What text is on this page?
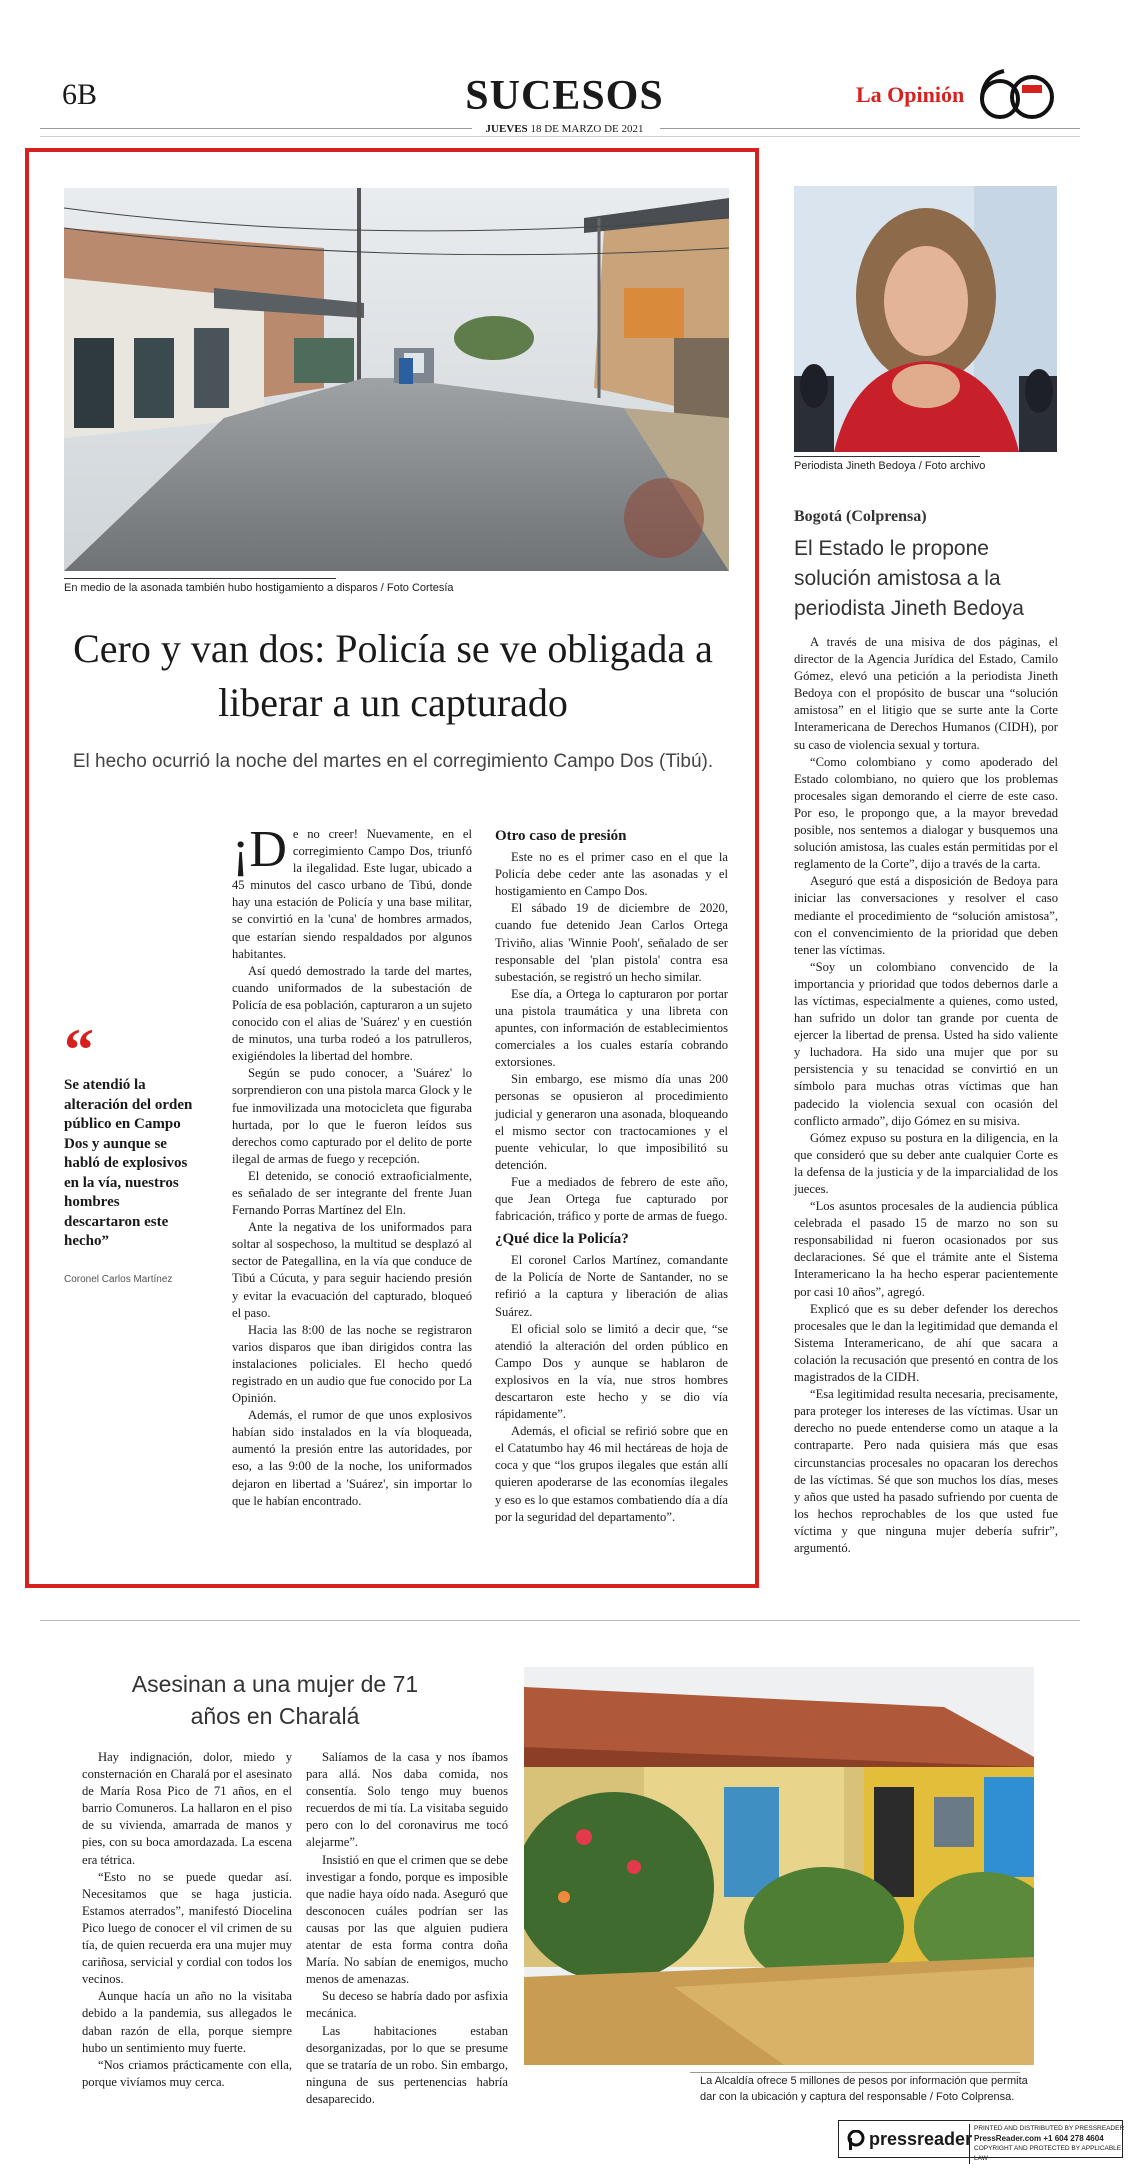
6B	SUCESOS
JUEVES 18 DE MARZO DE 2021
La Opinión
En medio de la asonada también hubo hostigamiento a disparos / Foto Cortesía
Cero y van dos: Policía se ve obligada a liberar a un capturado
El hecho ocurrió la noche del martes en el corregimiento Campo Dos (Tibú).
“
Se atendió la alteración del orden público en Campo Dos y aunque se habló de explosivos en la vía, nuestros hombres descartaron este hecho”
Coronel Carlos Martínez

¡D e no creer! Nuevamente, en el corregimiento Campo Dos, triunfó la ilegalidad. Este lugar, ubicado a 45 minutos del casco urbano de Tibú, donde hay una estación de Policía y una base militar, se convirtió en la 'cuna' de hombres armados, que estarían siendo respaldados por algunos habitantes.

Así quedó demostrado la tarde del martes, cuando uniformados de la subestación de Policía de esa población, capturaron a un sujeto conocido con el alias de 'Suárez' y en cuestión de minutos, una turba rodeó a los patrulleros, exigiéndoles la libertad del hombre.

Según se pudo conocer, a 'Suárez' lo sorprendieron con una pistola marca Glock y le fue inmovilizada una motocicleta que figuraba hurtada, por lo que le fueron leídos sus derechos como capturado por el delito de porte ilegal de armas de fuego y recepción.

El detenido, se conoció extraoficialmente, es señalado de ser integrante del frente Juan Fernando Porras Martínez del Eln.

Ante la negativa de los uniformados para soltar al sospechoso, la multitud se desplazó al sector de Pategallina, en la vía que conduce de Tibú a Cúcuta, y para seguir haciendo presión y evitar la evacuación del capturado, bloqueó el paso.

Hacia las 8:00 de las noche se registraron varios disparos que iban dirigidos contra las instalaciones policiales. El hecho quedó registrado en un audio que fue conocido por La Opinión.

Además, el rumor de que unos explosivos habían sido instalados en la vía bloqueada, aumentó la presión entre las autoridades, por eso, a las 9:00 de la noche, los uniformados dejaron en libertad a 'Suárez', sin importar lo que le habían encontrado.

Otro caso de presión

Este no es el primer caso en el que la Policía debe ceder ante las asonadas y el hostigamiento en Campo Dos.

El sábado 19 de diciembre de 2020, cuando fue detenido Jean Carlos Ortega Triviño, alias 'Winnie Pooh', señalado de ser responsable del 'plan pistola' contra esa subestación, se registró un hecho similar.

Ese día, a Ortega lo capturaron por portar una pistola traumática y una libreta con apuntes, con información de establecimientos comerciales a los cuales estaría cobrando extorsiones.

Sin embargo, ese mismo día unas 200 personas se opusieron al procedimiento judicial y generaron una asonada, bloqueando el mismo sector con tractocamiones y el puente vehicular, lo que imposibilitó su detención.

Fue a mediados de febrero de este año, que Jean Ortega fue capturado por fabricación, tráfico y porte de armas de fuego.

¿Qué dice la Policía?

El coronel Carlos Martínez, comandante de la Policía de Norte de Santander, no se refirió a la captura y liberación de alias Suárez.

El oficial solo se limitó a decir que, “se atendió la alteración del orden público en Campo Dos y aunque se hablaron de explosivos en la vía, nue stros hombres descartaron este hecho y se dio vía rápidamente”.

Además, el oficial se refirió sobre que en el Catatumbo hay 46 mil hectáreas de hoja de coca y que “los grupos ilegales que están allí quieren apoderarse de las economías ilegales y eso es lo que estamos combatiendo día a día por la seguridad del departamento”.

Periodista Jineth Bedoya / Foto archivo
Bogotá (Colprensa)
El Estado le propone solución amistosa a la periodista Jineth Bedoya

A través de una misiva de dos páginas, el director de la Agencia Jurídica del Estado, Camilo Gómez, elevó una petición a la periodista Jineth Bedoya con el propósito de buscar una “solución amistosa” en el litigio que se surte ante la Corte Interamericana de Derechos Humanos (CIDH), por su caso de violencia sexual y tortura.

“Como colombiano y como apoderado del Estado colombiano, no quiero que los problemas procesales sigan demorando el cierre de este caso. Por eso, le propongo que, a la mayor brevedad posible, nos sentemos a dialogar y busquemos una solución amistosa, las cuales están permitidas por el reglamento de la Corte”, dijo a través de la carta.

Aseguró que está a disposición de Bedoya para iniciar las conversaciones y resolver el caso mediante el procedimiento de “solución amistosa”, con el convencimiento de la prioridad que deben tener las víctimas.

“Soy un colombiano convencido de la importancia y prioridad que todos debernos darle a las víctimas, especialmente a quienes, como usted, han sufrido un dolor tan grande por cuenta de ejercer la libertad de prensa. Usted ha sido valiente y luchadora. Ha sido una mujer que por su persistencia y su tenacidad se convirtió en un símbolo para muchas otras víctimas que han padecido la violencia sexual con ocasión del conflicto armado”, dijo Gómez en su misiva.

Gómez expuso su postura en la diligencia, en la que consideró que su deber ante cualquier Corte es la defensa de la justicia y de la imparcialidad de los jueces.

“Los asuntos procesales de la audiencia pública celebrada el pasado 15 de marzo no son su responsabilidad ni fueron ocasionados por sus declaraciones. Sé que el trámite ante el Sistema Interamericano la ha hecho esperar pacientemente por casi 10 años”, agregó.

Explicó que es su deber defender los derechos procesales que le dan la legitimidad que demanda el Sistema Interamericano, de ahí que sacara a colación la recusación que presentó en contra de los magistrados de la CIDH.

“Esa legitimidad resulta necesaria, precisamente, para proteger los intereses de las víctimas. Usar un derecho no puede entenderse como un ataque a la contraparte. Pero nada quisiera más que esas circunstancias procesales no opacaran los derechos de las víctimas. Sé que son muchos los días, meses y años que usted ha pasado sufriendo por cuenta de los hechos reprochables de los que usted fue víctima y que ninguna mujer debería sufrir”, argumentó.

Asesinan a una mujer de 71 años en Charalá

Hay indignación, dolor, miedo y consternación en Charalá por el asesinato de María Rosa Pico de 71 años, en el barrio Comuneros. La hallaron en el piso de su vivienda, amarrada de manos y pies, con su boca amordazada. La escena era tétrica.

“Esto no se puede quedar así. Necesitamos que se haga justicia. Estamos aterrados”, manifestó Diocelina Pico luego de conocer el vil crimen de su tía, de quien recuerda era una mujer muy cariñosa, servicial y cordial con todos los vecinos.

Aunque hacía un año no la visitaba debido a la pandemia, sus allegados le daban razón de ella, porque siempre hubo un sentimiento muy fuerte.

“Nos criamos prácticamente con ella, porque vivíamos muy cerca.

Salíamos de la casa y nos íbamos para allá. Nos daba comida, nos consentía. Solo tengo muy buenos recuerdos de mi tía. La visitaba seguido pero con lo del coronavirus me tocó alejarme”.

Insistió en que el crimen que se debe investigar a fondo, porque es imposible que nadie haya oído nada. Aseguró que desconocen cuáles podrían ser las causas por las que alguien pudiera atentar de esta forma contra doña María. No sabían de enemigos, mucho menos de amenazas.

Su deceso se habría dado por asfixia mecánica.

Las habitaciones estaban desorganizadas, por lo que se presume que se trataría de un robo. Sin embargo, ninguna de sus pertenencias habría desaparecido.

La Alcaldía ofrece 5 millones de pesos por información que permita dar con la ubicación y captura del responsable / Foto Colprensa.
pressreader
PRINTED AND DISTRIBUTED BY PRESSREADER
PressReader.com +1 604 278 4604
COPYRIGHT AND PROTECTED BY APPLICABLE LAW
